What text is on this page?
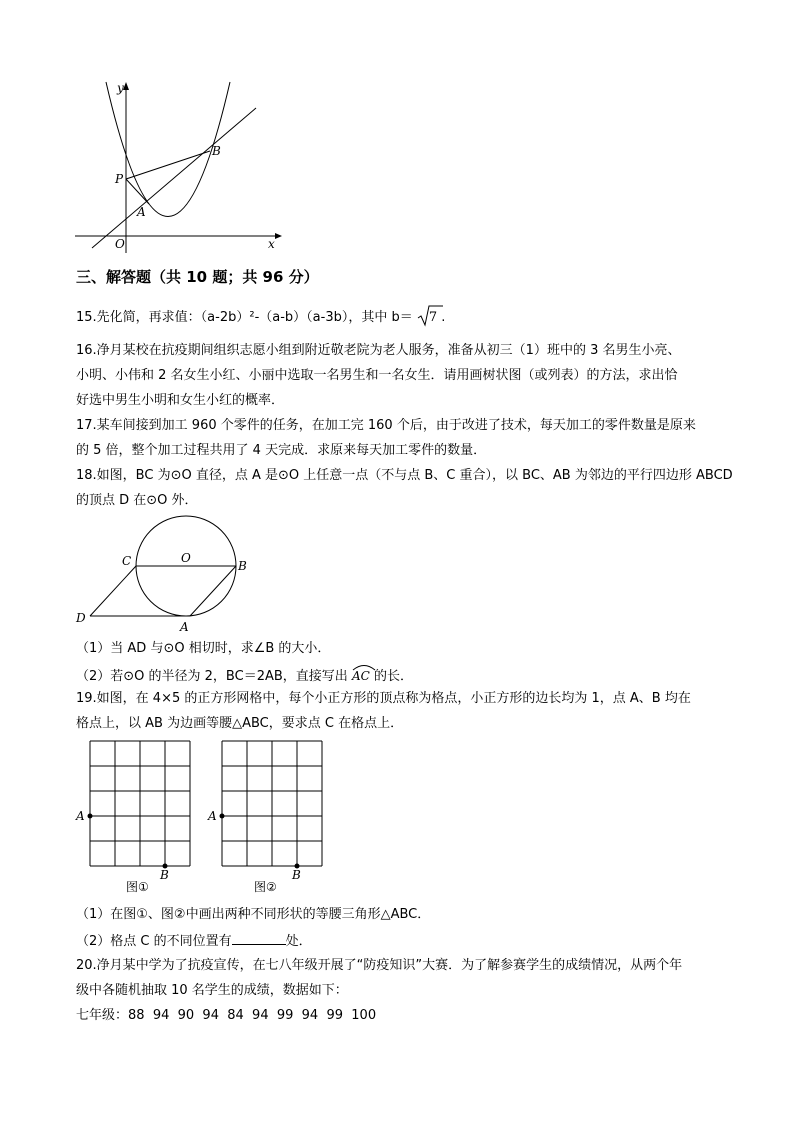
y
x
O
P
A
B
三、解答题（共 10 题；共 96 分）
15.先化简，再求值：（a-2b）²-（a-b）（a-3b），其中 b＝ 7 .
16.净月某校在抗疫期间组织志愿小组到附近敬老院为老人服务，准备从初三（1）班中的 3 名男生小亮、
小明、小伟和 2 名女生小红、小丽中选取一名男生和一名女生．请用画树状图（或列表）的方法，求出恰
好选中男生小明和女生小红的概率．
17.某车间接到加工 960 个零件的任务，在加工完 160 个后，由于改进了技术，每天加工的零件数量是原来
的 5 倍，整个加工过程共用了 4 天完成．求原来每天加工零件的数量．
18.如图，BC 为⊙O 直径，点 A 是⊙O 上任意一点（不与点 B、C 重合），以 BC、AB 为邻边的平行四边形 ABCD
的顶点 D 在⊙O 外．
C	O
B
D
A
（1）当 AD 与⊙O 相切时，求∠B 的大小．
（2）若⊙O 的半径为 2，BC＝2AB，直接写出 AC 的长．
19.如图，在 4×5 的正方形网格中，每个小正方形的顶点称为格点，小正方形的边长均为 1，点 A、B 均在
格点上，以 AB 为边画等腰△ABC，要求点 C 在格点上．
A
B
图①
A
B
图②
（1）在图①、图②中画出两种不同形状的等腰三角形△ABC．
（2）格点 C 的不同位置有	处．
20.净月某中学为了抗疫宣传，在七八年级开展了“防疫知识”大赛．为了解参赛学生的成绩情况，从两个年
级中各随机抽取 10 名学生的成绩，数据如下：
七年级：88  94  90  94  84  94  99  94  99  100
